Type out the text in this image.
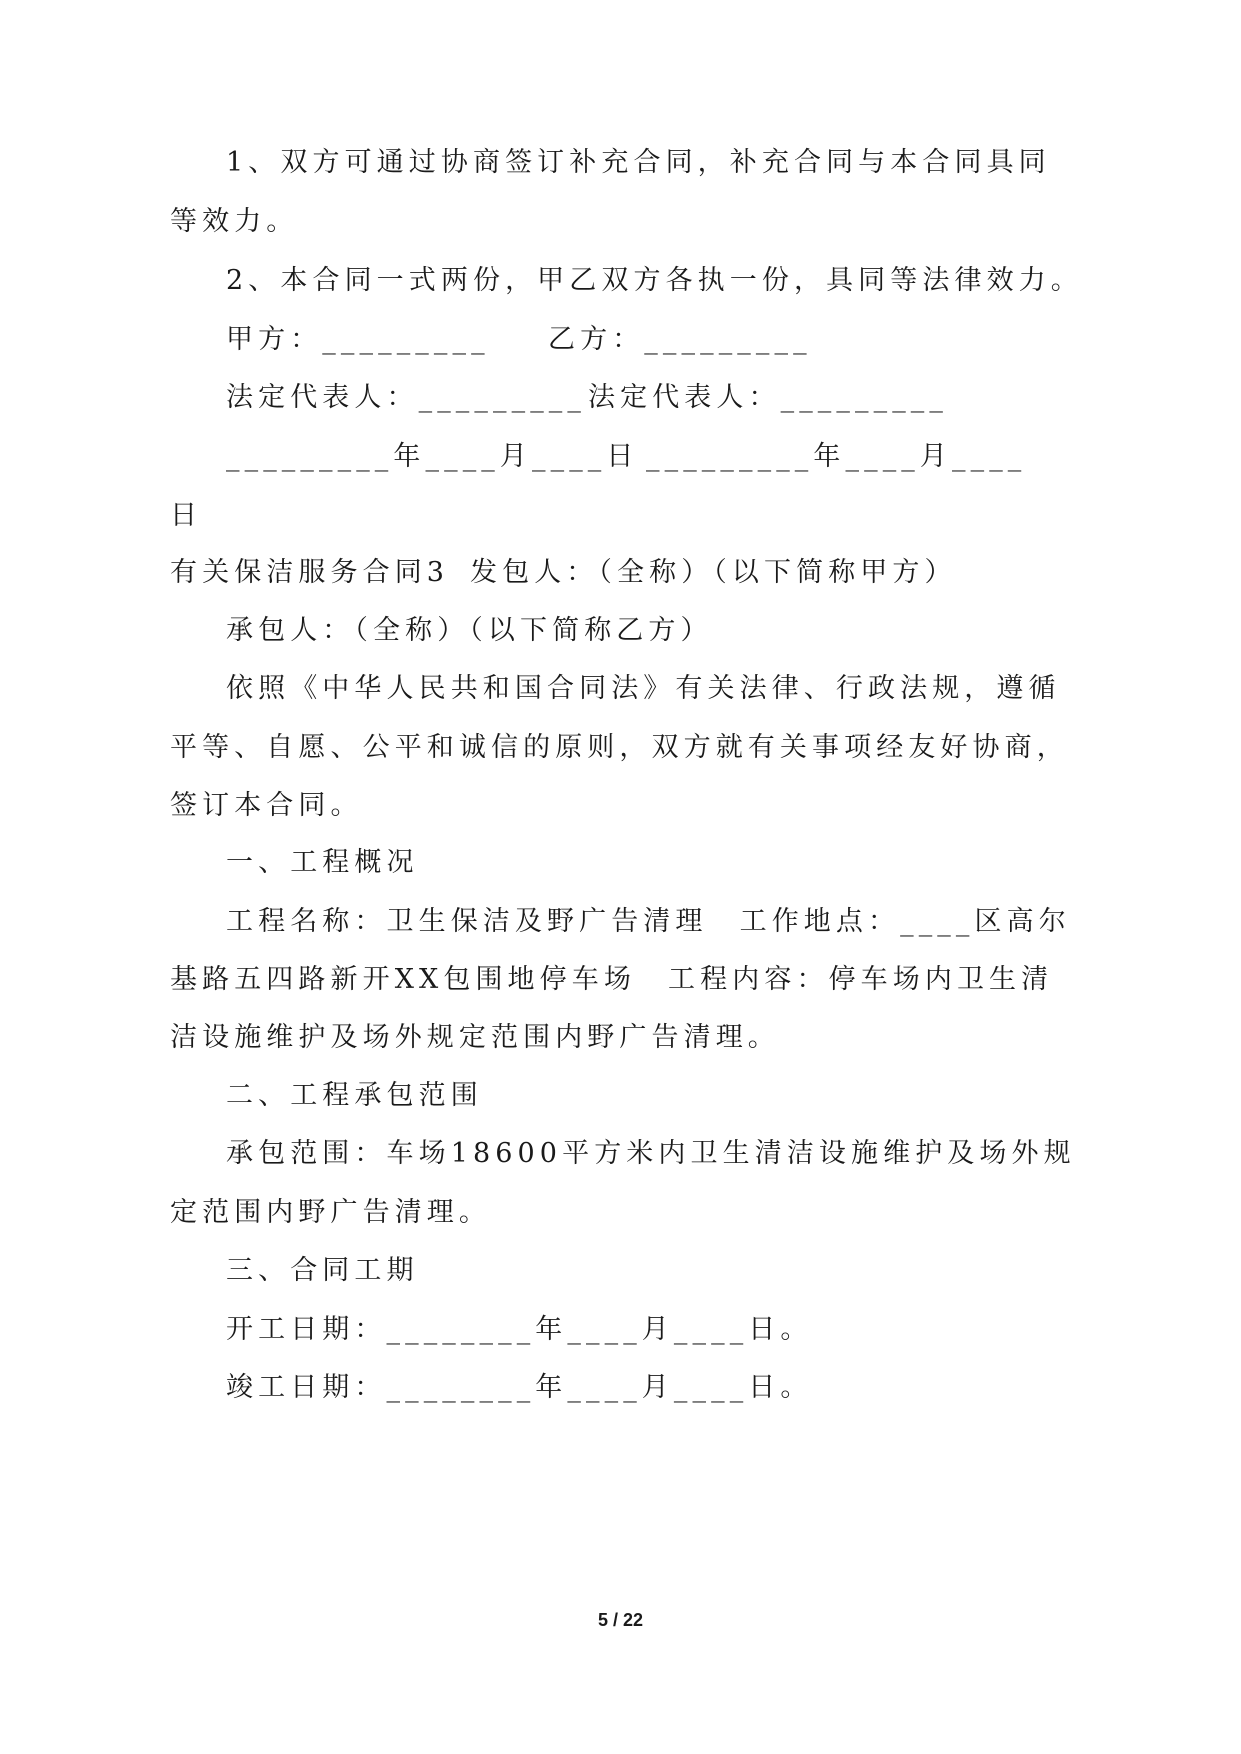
1、双方可通过协商签订补充合同，补充合同与本合同具同
等效力。
2、本合同一式两份，甲乙双方各执一份，具同等法律效力。
甲方：_________ 乙方：_________
法定代表人：_________ 法定代表人：_________
_________年____月____日 _________年____月____
日
有关保洁服务合同3 发包人：（全称）（以下简称甲方）
承包人：（全称）（以下简称乙方）
依照《中华人民共和国合同法》有关法律、行政法规，遵循
平等、自愿、公平和诚信的原则，双方就有关事项经友好协商，
签订本合同。
一、工程概况
工程名称：卫生保洁及野广告清理　工作地点：____区高尔
基路五四路新开XX包围地停车场　工程内容：停车场内卫生清
洁设施维护及场外规定范围内野广告清理。
二、工程承包范围
承包范围：车场18600平方米内卫生清洁设施维护及场外规
定范围内野广告清理。
三、合同工期
开工日期：________年____月____日。
竣工日期：________年____月____日。
5 / 22
